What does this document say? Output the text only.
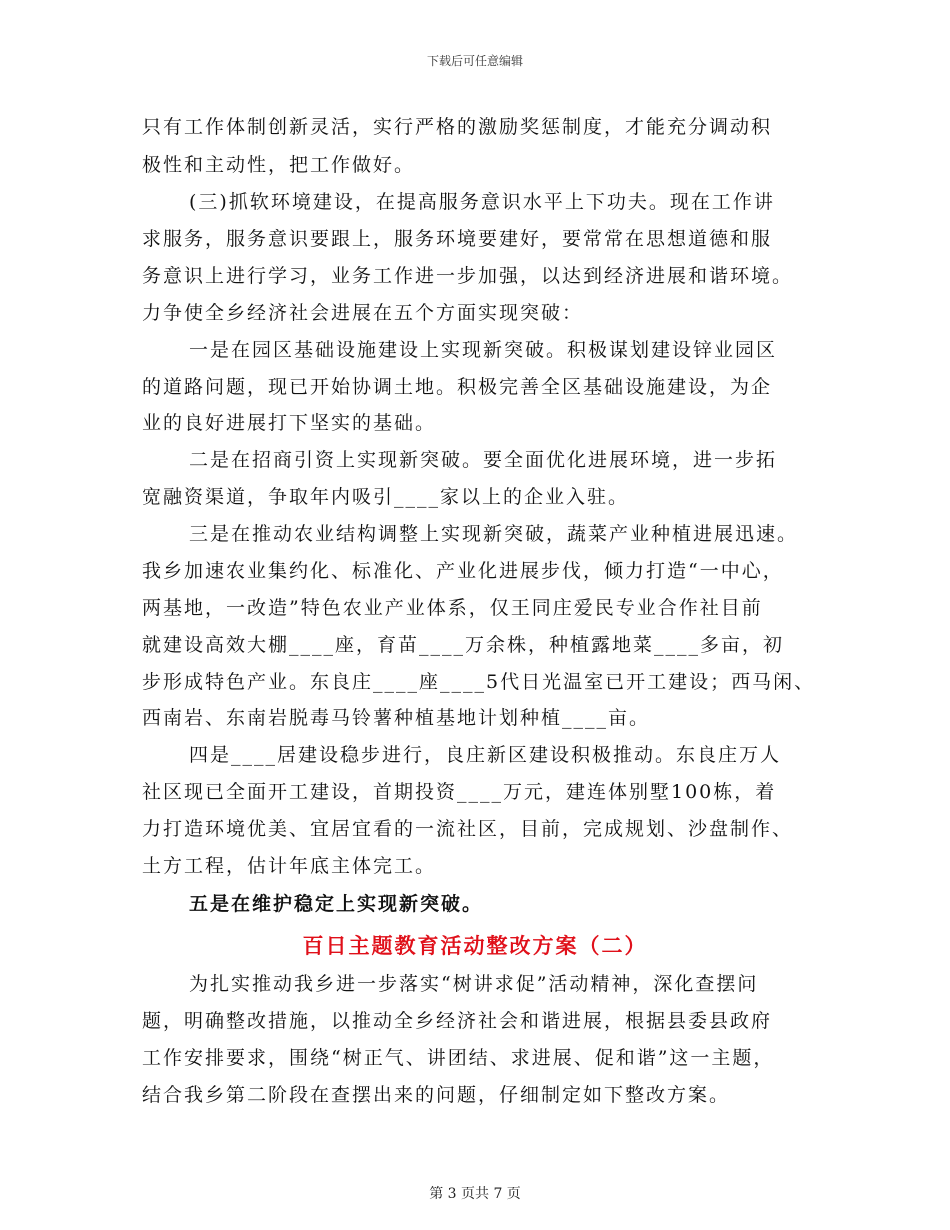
下载后可任意编辑
只有工作体制创新灵活，实行严格的激励奖惩制度，才能充分调动积
极性和主动性，把工作做好。
(三)抓软环境建设，在提高服务意识水平上下功夫。现在工作讲
求服务，服务意识要跟上，服务环境要建好，要常常在思想道德和服
务意识上进行学习，业务工作进一步加强，以达到经济进展和谐环境。
力争使全乡经济社会进展在五个方面实现突破：
一是在园区基础设施建设上实现新突破。积极谋划建设锌业园区
的道路问题，现已开始协调土地。积极完善全区基础设施建设，为企
业的良好进展打下坚实的基础。
二是在招商引资上实现新突破。要全面优化进展环境，进一步拓
宽融资渠道，争取年内吸引____家以上的企业入驻。
三是在推动农业结构调整上实现新突破，蔬菜产业种植进展迅速。
我乡加速农业集约化、标准化、产业化进展步伐，倾力打造“一中心，
两基地，一改造”特色农业产业体系，仅王同庄爱民专业合作社目前
就建设高效大棚____座，育苗____万余株，种植露地菜____多亩，初
步形成特色产业。东良庄____座____5代日光温室已开工建设；西马闲、
西南岩、东南岩脱毒马铃薯种植基地计划种植____亩。
四是____居建设稳步进行，良庄新区建设积极推动。东良庄万人
社区现已全面开工建设，首期投资____万元，建连体别墅100栋，着
力打造环境优美、宜居宜看的一流社区，目前，完成规划、沙盘制作、
土方工程，估计年底主体完工。
五是在维护稳定上实现新突破。
百日主题教育活动整改方案（二）
为扎实推动我乡进一步落实“树讲求促”活动精神，深化查摆问
题，明确整改措施，以推动全乡经济社会和谐进展，根据县委县政府
工作安排要求，围绕“树正气、讲团结、求进展、促和谐”这一主题，
结合我乡第二阶段在查摆出来的问题，仔细制定如下整改方案。
第 3 页共 7 页
